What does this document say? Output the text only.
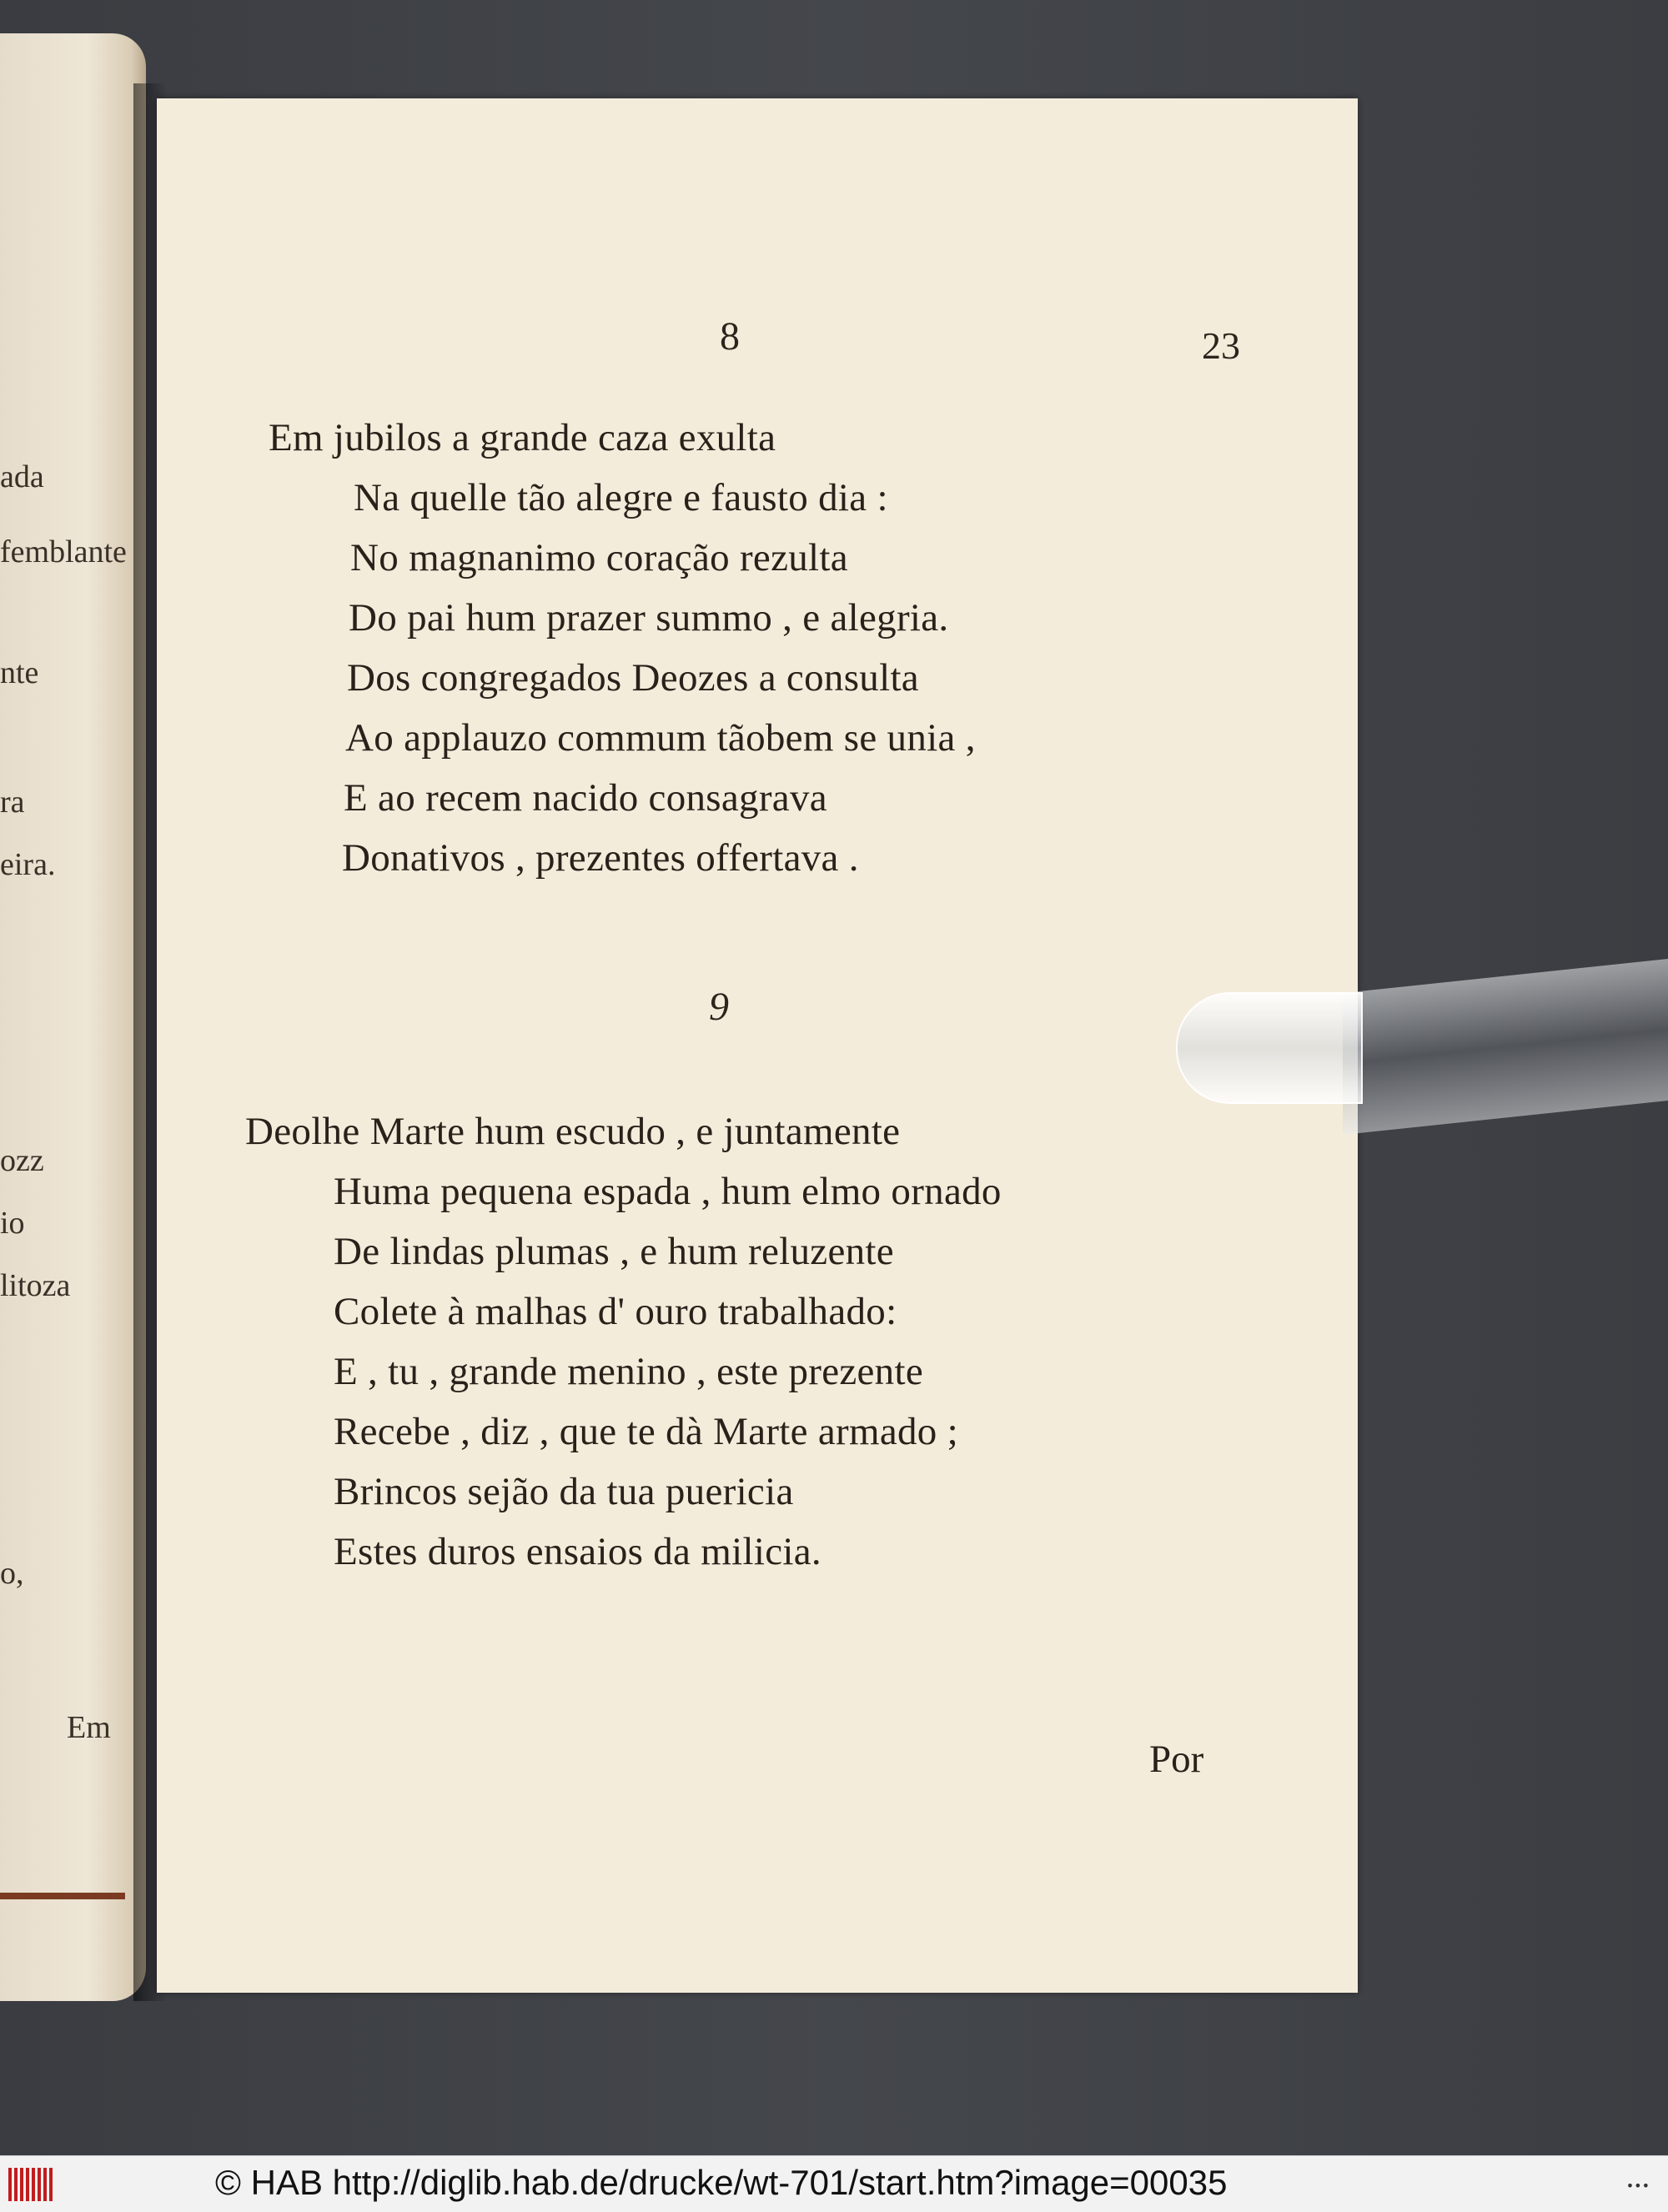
ada
femblante
nte
ra
eira.
ozz
io
litoza
o,
Em
23
8
Em jubilos a grande caza exulta
Na quelle tão alegre e fausto dia :
No magnanimo coração rezulta
Do pai hum prazer summo , e alegria.
Dos congregados Deozes a consulta
Ao applauzo commum tãobem se unia ,
E ao recem nacido consagrava
Donativos , prezentes offertava .
9
Deolhe Marte hum escudo , e juntamente
Huma pequena espada , hum elmo ornado
De lindas plumas , e hum reluzente
Colete à malhas d' ouro trabalhado:
E , tu , grande menino , este prezente
Recebe , diz , que te dà Marte armado ;
Brincos sejão da tua puericia
Estes duros ensaios da milicia.
Por
© HAB http://diglib.hab.de/drucke/wt-701/start.htm?image=00035	•••
